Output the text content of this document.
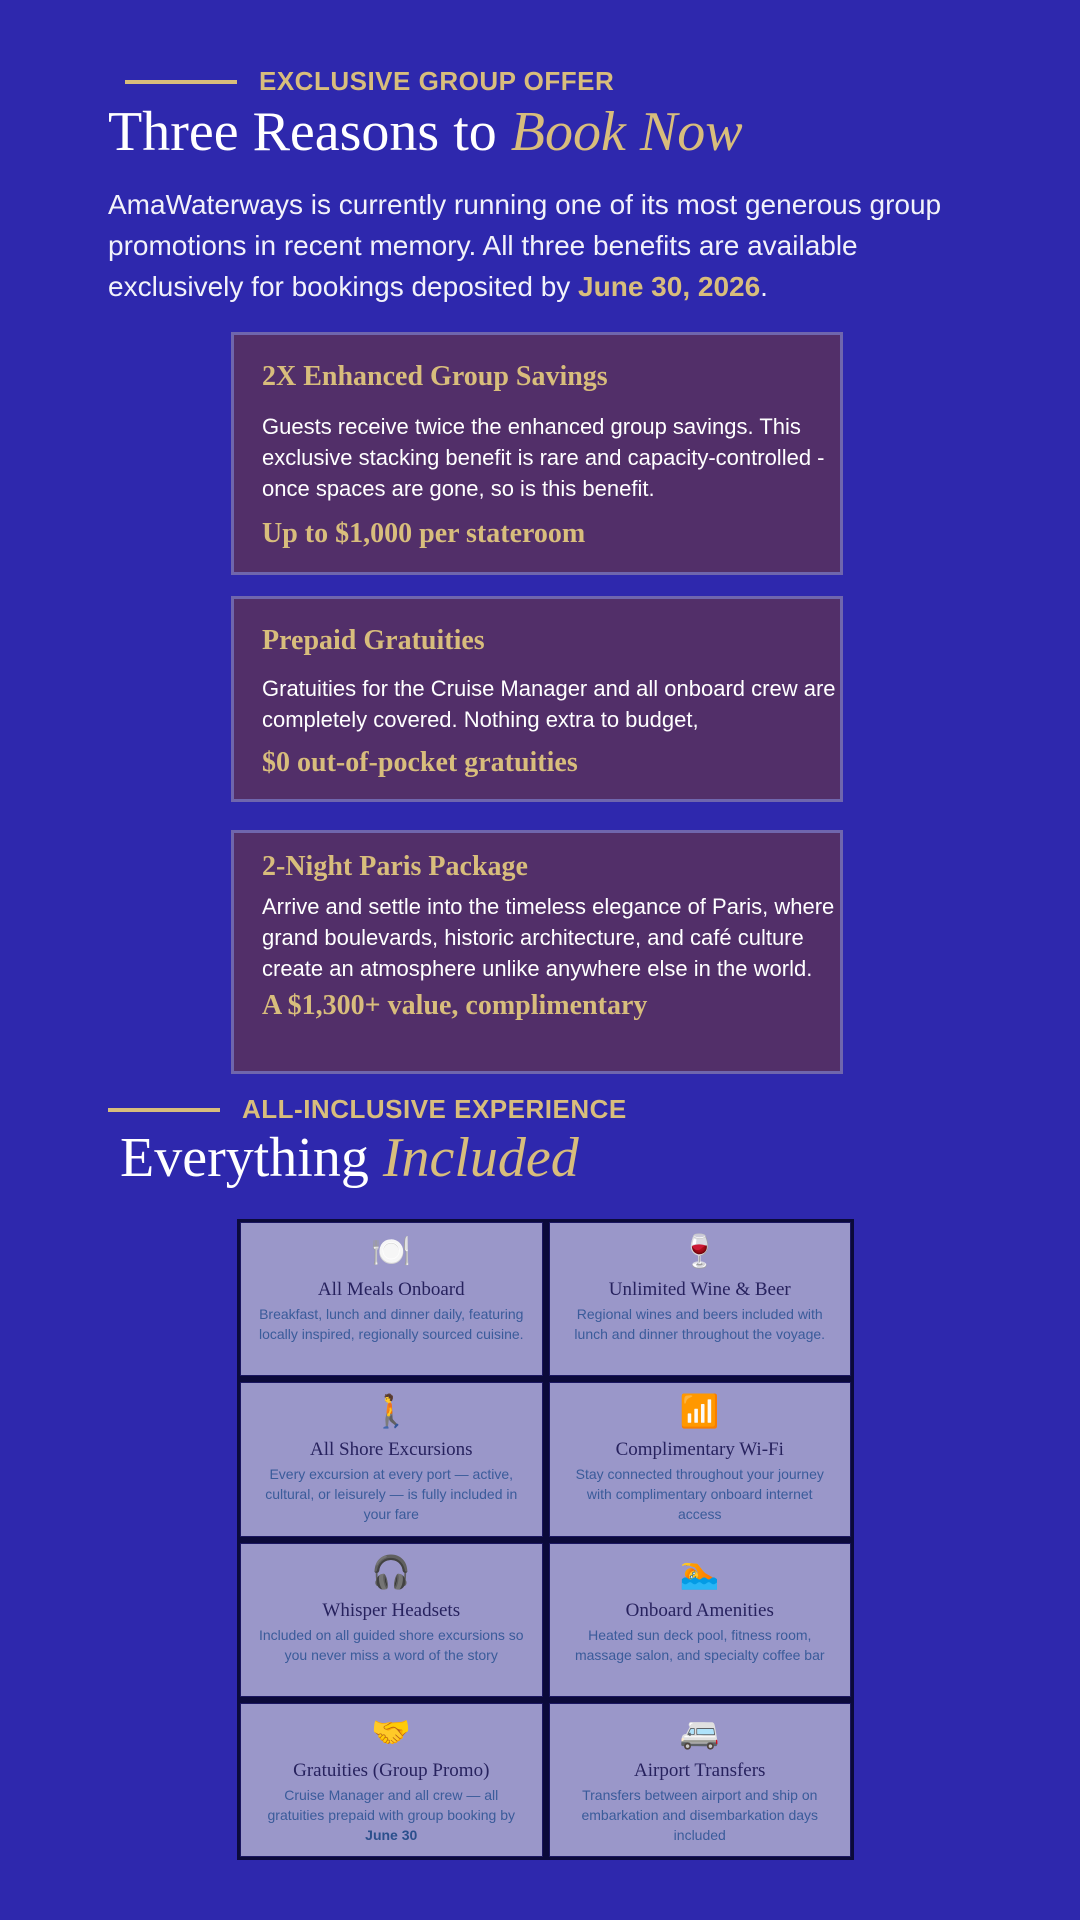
EXCLUSIVE GROUP OFFER
Three Reasons to Book Now

AmaWaterways is currently running one of its most generous group promotions in recent memory. All three benefits are available exclusively for bookings deposited by June 30, 2026.

2X Enhanced Group Savings
Guests receive twice the enhanced group savings. This exclusive stacking benefit is rare and capacity-controlled - once spaces are gone, so is this benefit.
Up to $1,000 per stateroom
Prepaid Gratuities
Gratuities for the Cruise Manager and all onboard crew are completely covered. Nothing extra to budget,
$0 out-of-pocket gratuities
2-Night Paris Package
Arrive and settle into the timeless elegance of Paris, where grand boulevards, historic architecture, and café culture create an atmosphere unlike anywhere else in the world.
A $1,300+ value, complimentary
ALL-INCLUSIVE EXPERIENCE
Everything Included
🍽️
All Meals Onboard
Breakfast, lunch and dinner daily, featuring locally inspired, regionally sourced cuisine.
🍷
Unlimited Wine & Beer
Regional wines and beers included with lunch and dinner throughout the voyage.
🚶
All Shore Excursions
Every excursion at every port — active, cultural, or leisurely — is fully included in your fare
📶
Complimentary Wi-Fi
Stay connected throughout your journey with complimentary onboard internet access
🎧
Whisper Headsets
Included on all guided shore excursions so you never miss a word of the story
🏊
Onboard Amenities
Heated sun deck pool, fitness room, massage salon, and specialty coffee bar
🤝
Gratuities (Group Promo)
Cruise Manager and all crew — all gratuities prepaid with group booking by June 30
🚐
Airport Transfers
Transfers between airport and ship on embarkation and disembarkation days included
